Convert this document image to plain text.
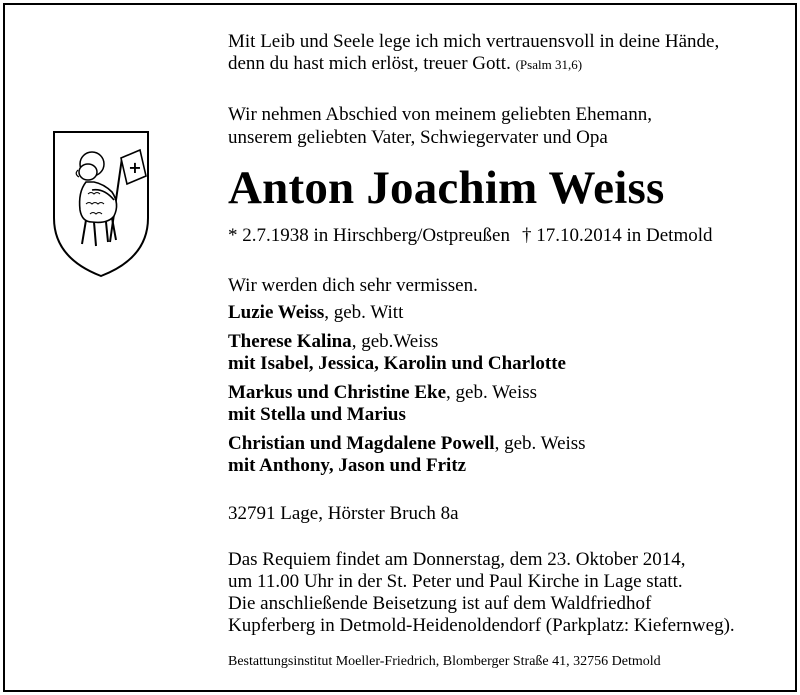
+
Mit Leib und Seele lege ich mich vertrauensvoll in deine Hände,
denn du hast mich erlöst, treuer Gott. (Psalm 31,6)
Wir nehmen Abschied von meinem geliebten Ehemann,
unserem geliebten Vater, Schwiegervater und Opa
Anton Joachim Weiss
* 2.7.1938 in Hirschberg/Ostpreußen † 17.10.2014 in Detmold
Wir werden dich sehr vermissen.
Luzie Weiss, geb. Witt
Therese Kalina, geb.Weiss
mit Isabel, Jessica, Karolin und Charlotte
Markus und Christine Eke, geb. Weiss
mit Stella und Marius
Christian und Magdalene Powell, geb. Weiss
mit Anthony, Jason und Fritz
32791 Lage, Hörster Bruch 8a
Das Requiem findet am Donnerstag, dem 23. Oktober 2014,
um 11.00 Uhr in der St. Peter und Paul Kirche in Lage statt.
Die anschließende Beisetzung ist auf dem Waldfriedhof
Kupferberg in Detmold-Heidenoldendorf (Parkplatz: Kiefernweg).
Bestattungsinstitut Moeller-Friedrich, Blomberger Straße 41, 32756 Detmold
